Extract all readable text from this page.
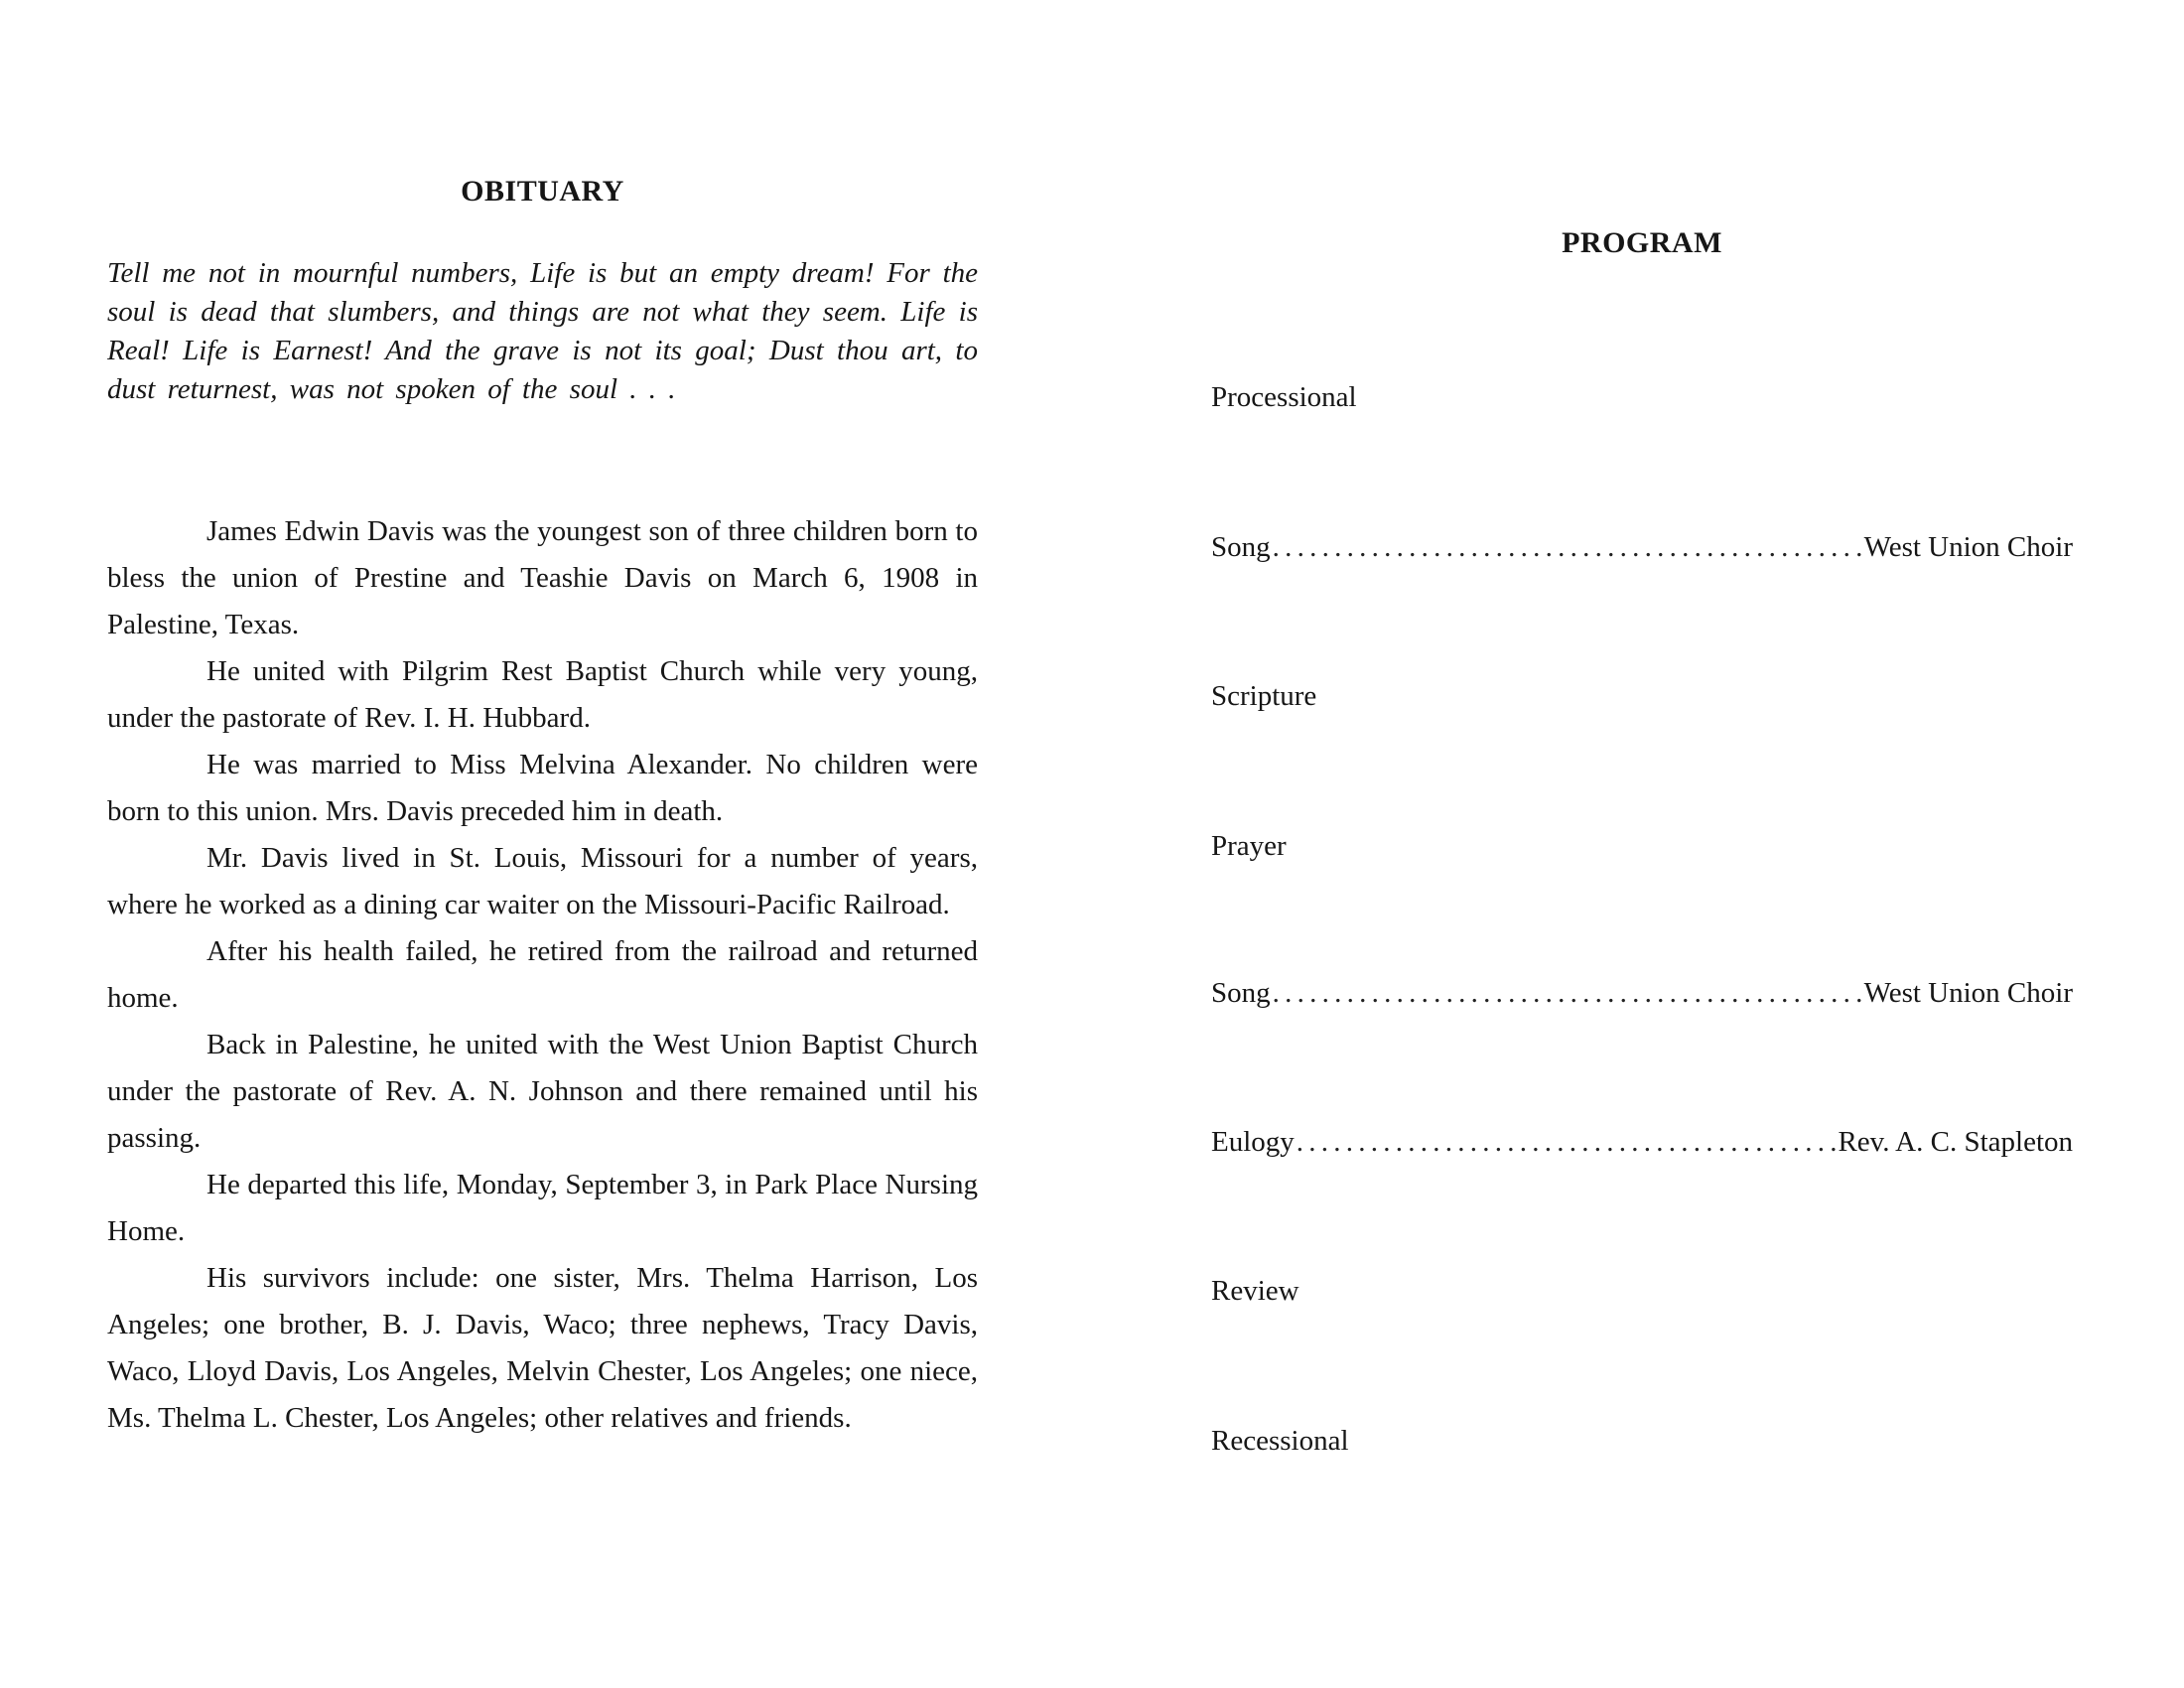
OBITUARY
Tell me not in mournful numbers, Life is but an empty dream! For the soul is dead that slumbers, and things are not what they seem. Life is Real! Life is Earnest! And the grave is not its goal; Dust thou art, to dust returnest, was not spoken of the soul . . .

James Edwin Davis was the youngest son of three children born to bless the union of Prestine and Teashie Davis on March 6, 1908 in Palestine, Texas.

He united with Pilgrim Rest Baptist Church while very young, under the pastorate of Rev. I. H. Hubbard.

He was married to Miss Melvina Alexander. No children were born to this union. Mrs. Davis preceded him in death.

Mr. Davis lived in St. Louis, Missouri for a number of years, where he worked as a dining car waiter on the Missouri-Pacific Railroad.

After his health failed, he retired from the railroad and returned home.

Back in Palestine, he united with the West Union Baptist Church under the pastorate of Rev. A. N. Johnson and there remained until his passing.

He departed this life, Monday, September 3, in Park Place Nursing Home.

His survivors include: one sister, Mrs. Thelma Harrison, Los Angeles; one brother, B. J. Davis, Waco; three nephews, Tracy Davis, Waco, Lloyd Davis, Los Angeles, Melvin Chester, Los Angeles; one niece, Ms. Thelma L. Chester, Los Angeles; other relatives and friends.

PROGRAM
Processional
Song . . .	West Union Choir
Scripture
Prayer
Song . . .	West Union Choir
Eulogy . . .	Rev. A. C. Stapleton
Review
Recessional
